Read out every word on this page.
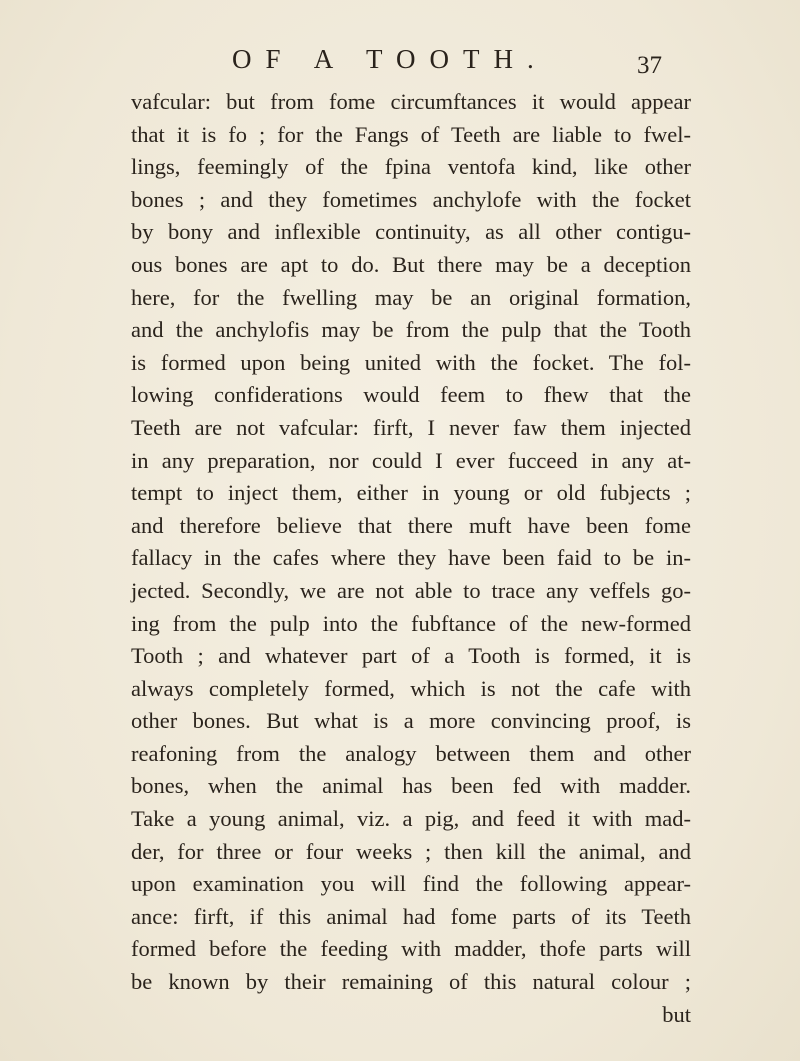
OF A TOOTH.	37
vafcular: but from fome circumftances it would appear
that it is fo ; for the Fangs of Teeth are liable to fwel-
lings, feemingly of the fpina ventofa kind, like other
bones ; and they fometimes anchylofe with the focket
by bony and inflexible continuity, as all other contigu-
ous bones are apt to do. But there may be a deception
here, for the fwelling may be an original formation,
and the anchylofis may be from the pulp that the Tooth
is formed upon being united with the focket. The fol-
lowing confiderations would feem to fhew that the
Teeth are not vafcular: firft, I never faw them injected
in any preparation, nor could I ever fucceed in any at-
tempt to inject them, either in young or old fubjects ;
and therefore believe that there muft have been fome
fallacy in the cafes where they have been faid to be in-
jected. Secondly, we are not able to trace any veffels go-
ing from the pulp into the fubftance of the new-formed
Tooth ; and whatever part of a Tooth is formed, it is
always completely formed, which is not the cafe with
other bones. But what is a more convincing proof, is
reafoning from the analogy between them and other
bones, when the animal has been fed with madder.
Take a young animal, viz. a pig, and feed it with mad-
der, for three or four weeks ; then kill the animal, and
upon examination you will find the following appear-
ance: firft, if this animal had fome parts of its Teeth
formed before the feeding with madder, thofe parts will
be known by their remaining of this natural colour ;
but
